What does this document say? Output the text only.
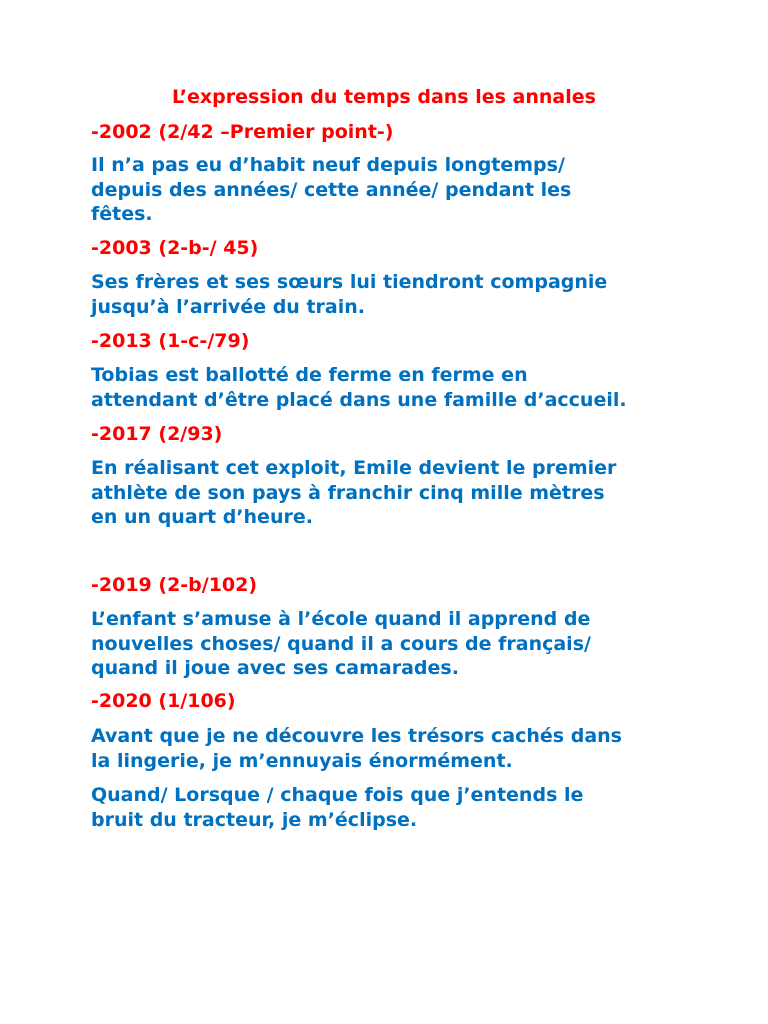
L’expression du temps dans les annales
-2002 (2/42 –Premier point-)
Il n’a pas eu d’habit neuf depuis longtemps/
depuis des années/ cette année/ pendant les
fêtes.
-2003 (2-b-/ 45)
Ses frères et ses sœurs lui tiendront compagnie
jusqu’à l’arrivée du train.
-2013 (1-c-/79)
Tobias est ballotté de ferme en ferme en
attendant d’être placé dans une famille d’accueil.
-2017 (2/93)
En réalisant cet exploit, Emile devient le premier
athlète de son pays à franchir cinq mille mètres
en un quart d’heure.
-2019 (2-b/102)
L’enfant s’amuse à l’école quand il apprend de
nouvelles choses/ quand il a cours de français/
quand il joue avec ses camarades.
-2020 (1/106)
Avant que je ne découvre les trésors cachés dans
la lingerie, je m’ennuyais énormément.
Quand/ Lorsque / chaque fois que j’entends le
bruit du tracteur, je m’éclipse.
